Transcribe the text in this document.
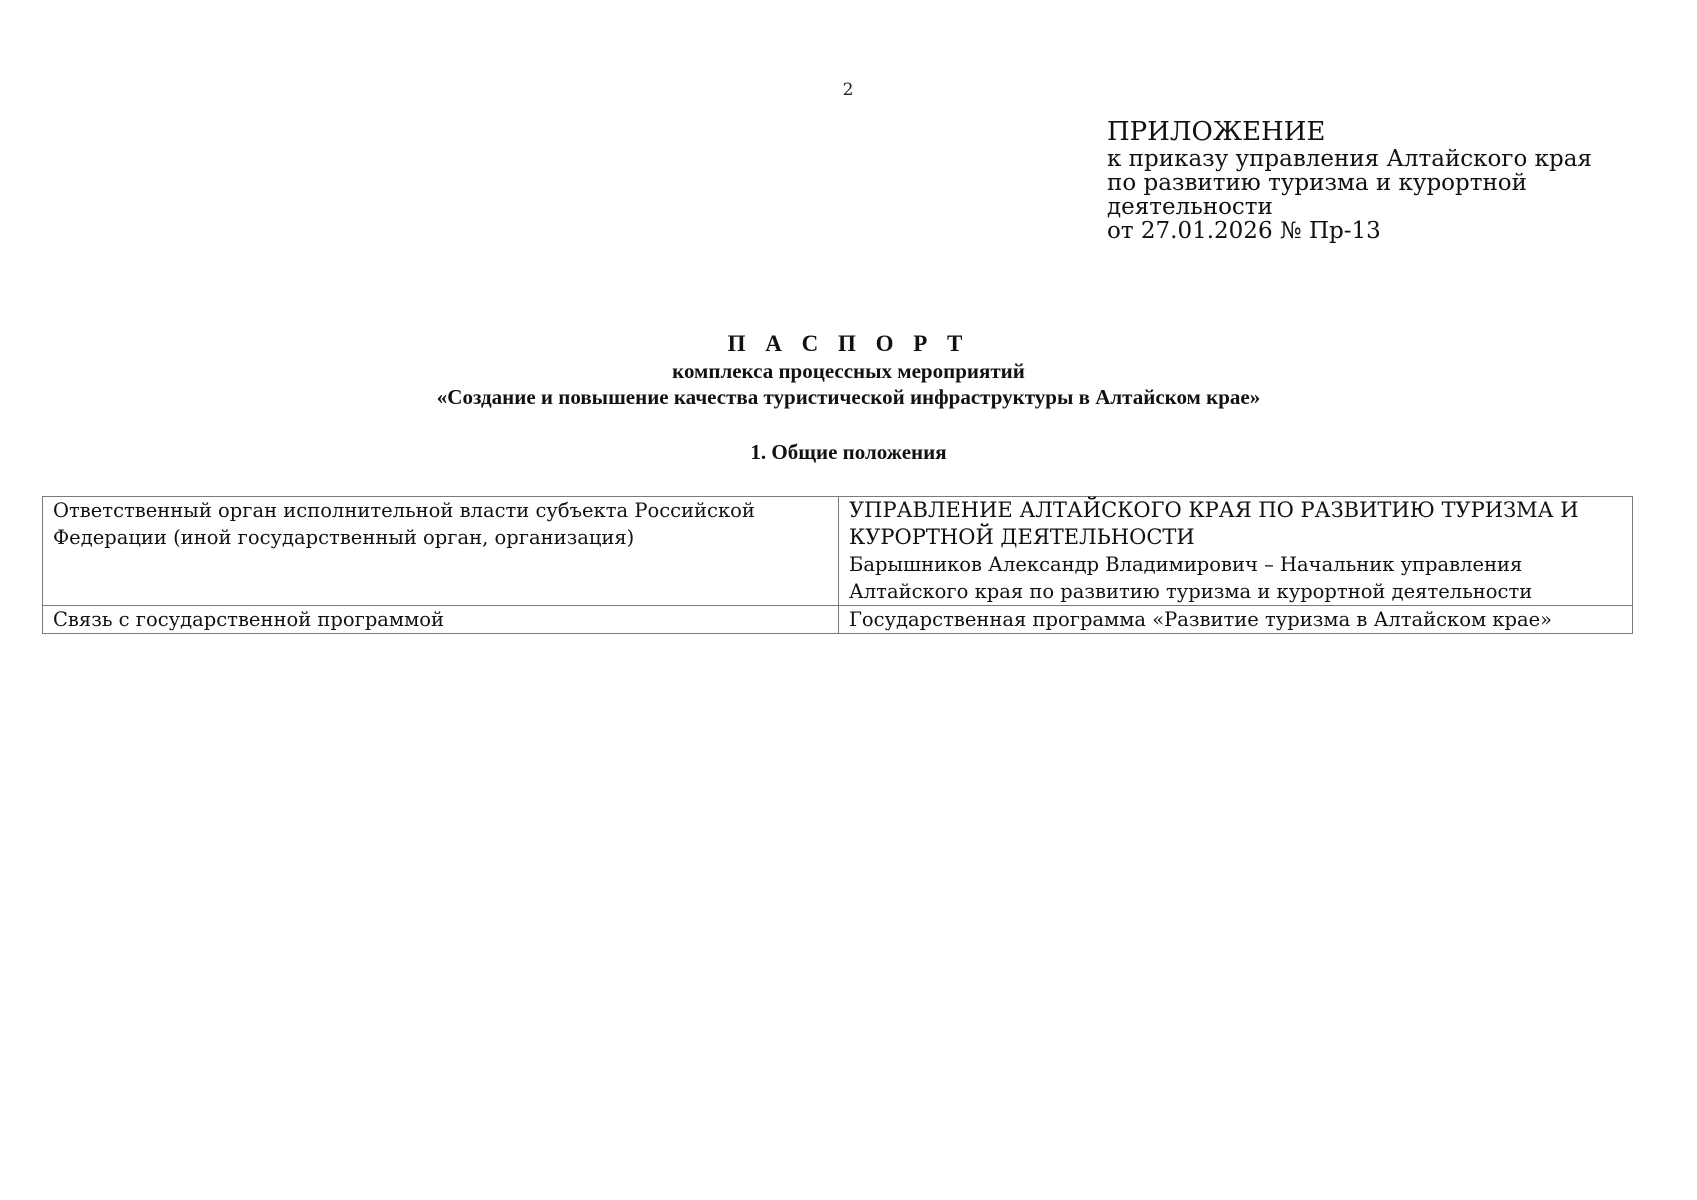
2
ПРИЛОЖЕНИЕ
к приказу управления Алтайского края
по развитию туризма и курортной
деятельности
от 27.01.2026 № Пр-13
П А С П О Р Т
комплекса процессных мероприятий
«Создание и повышение качества туристической инфраструктуры в Алтайском крае»
1. Общие положения
Ответственный орган исполнительной власти субъекта Российской Федерации (иной государственный орган, организация)	УПРАВЛЕНИЕ АЛТАЙСКОГО КРАЯ ПО РАЗВИТИЮ ТУРИЗМА И КУРОРТНОЙ ДЕЯТЕЛЬНОСТИ
Барышников Александр Владимирович – Начальник управления Алтайского края по развитию туризма и курортной деятельности

Связь с государственной программой	Государственная программа «Развитие туризма в Алтайском крае»
